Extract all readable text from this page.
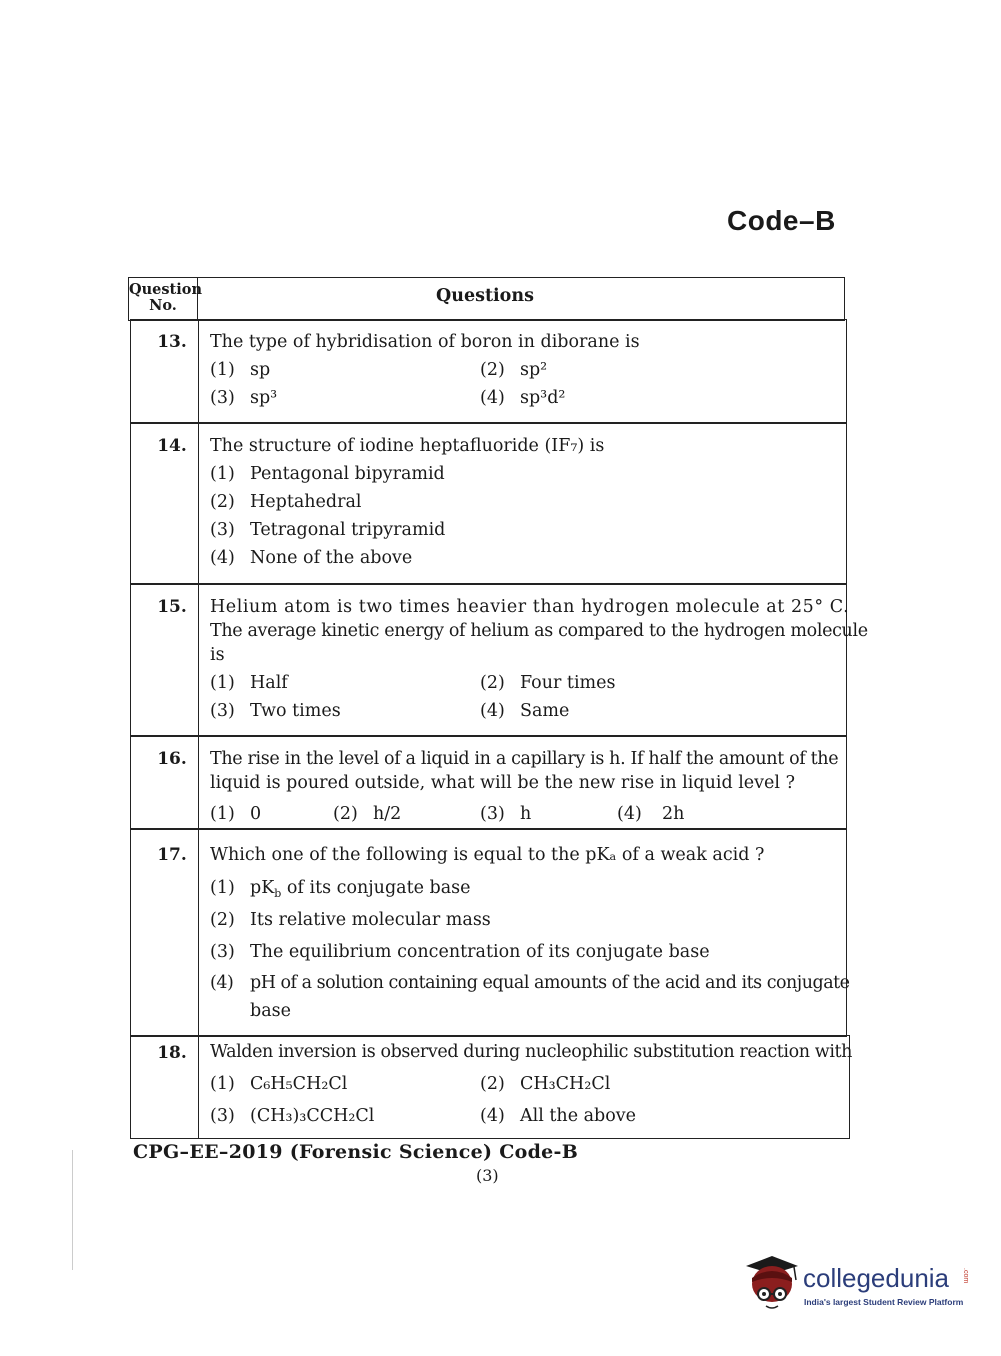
Code–B
Question
No.	Questions
13.	The type of hybridisation of boron in diborane is
(1) sp	(2) sp²
(3) sp³	(4) sp³d²
14.	The structure of iodine heptafluoride (IF₇) is
(1) Pentagonal bipyramid
(2) Heptahedral
(3) Tetragonal tripyramid
(4) None of the above
15.	Helium atom is two times heavier than hydrogen molecule at 25° C.
The average kinetic energy of helium as compared to the hydrogen molecule
is
(1) Half	(2) Four times
(3) Two times	(4) Same
16.	The rise in the level of a liquid in a capillary is h. If half the amount of the
liquid is poured outside, what will be the new rise in liquid level ?
(1) 0	(2) h/2	(3) h	(4) 2h
17.	Which one of the following is equal to the pKₐ of a weak acid ?
(1) $pK_b$ of its conjugate base
(2) Its relative molecular mass
(3) The equilibrium concentration of its conjugate base
(4) pH of a solution containing equal amounts of the acid and its conjugate
base
18.	Walden inversion is observed during nucleophilic substitution reaction with
(1) C₆H₅CH₂Cl	(2) CH₃CH₂Cl
(3) (CH₃)₃CCH₂Cl	(4) All the above
CPG–EE–2019 (Forensic Science) Code-B
(3)
collegedunia .com
India's largest Student Review Platform
